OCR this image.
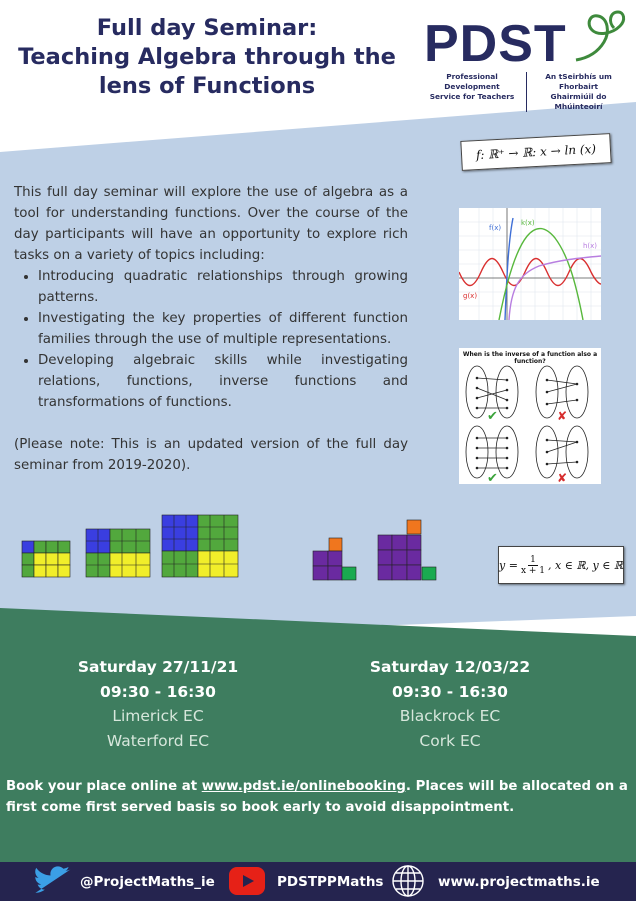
Full day Seminar:
Teaching Algebra through the
lens of Functions
PDST
Professional Development
Service for Teachers
An tSeirbhís um Fhorbairt
Ghairmiúil do Mhúinteoirí
f: ℝ⁺ → ℝ: x → ln (x)

This full day seminar will explore the use of algebra as a tool for understanding functions. Over the course of the day participants will have an opportunity to explore rich tasks on a variety of topics including:

• Introducing quadratic relationships through growing patterns.
• Investigating the key properties of different function families through the use of multiple representations.
• Developing algebraic skills while investigating relations, functions, inverse functions and transformations of functions.

(Please note: This is an updated version of the full day seminar from 2019-2020).

f(x)
k(x)
h(x)
g(x)
When is the inverse of a function also a function?
✔	✘
✔	✘
$y = \frac{1}{x + 1}$ , x ∈ ℝ, y ∈ ℝ
Saturday 27/11/21
09:30 - 16:30
Limerick EC
Waterford EC
Saturday 12/03/22
09:30 - 16:30
Blackrock EC
Cork EC
Book your place online at www.pdst.ie/onlinebooking. Places will be allocated on a first come first served basis so book early to avoid disappointment.
@ProjectMaths_ie	PDSTPPMaths	www.projectmaths.ie
